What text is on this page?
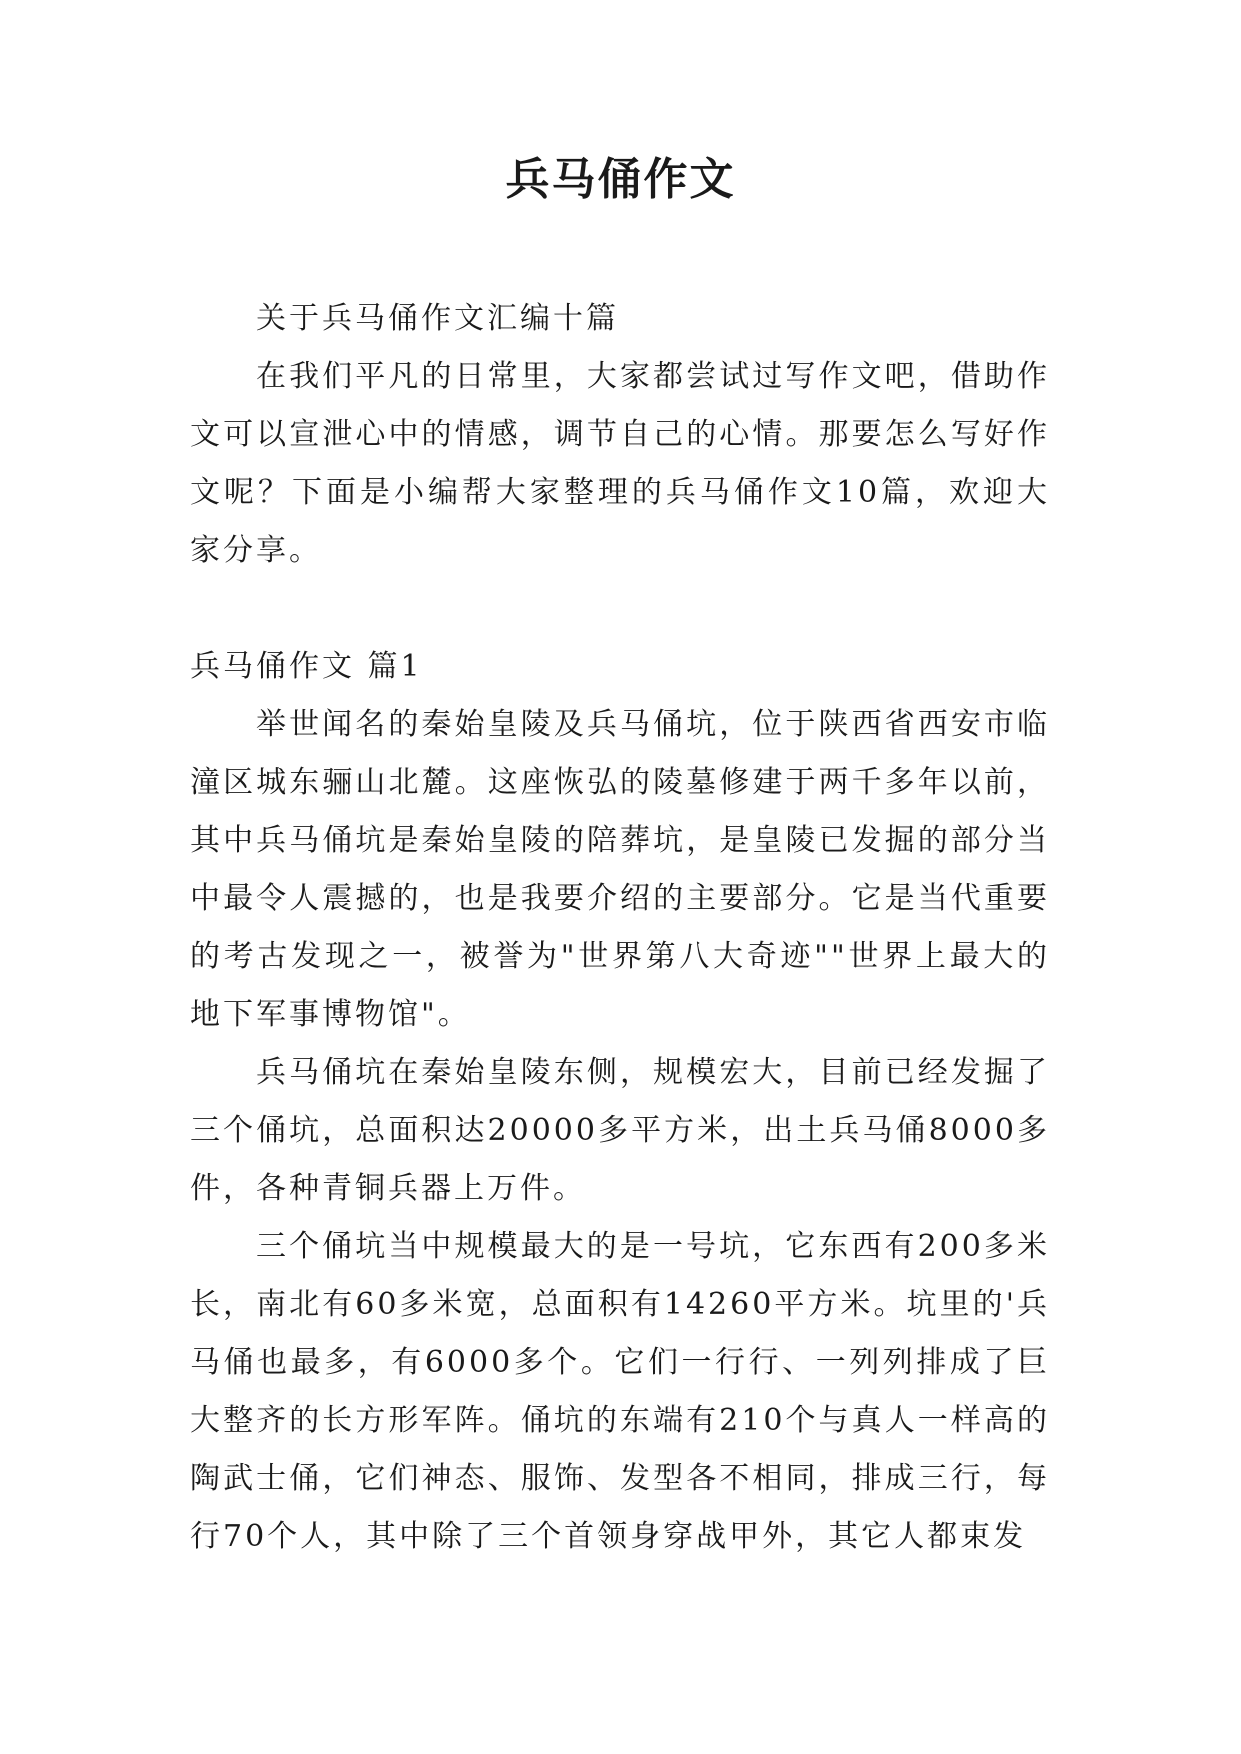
兵马俑作文

关于兵马俑作文汇编十篇

在我们平凡的日常里，大家都尝试过写作文吧，借助作文可以宣泄心中的情感，调节自己的心情。那要怎么写好作文呢？下面是小编帮大家整理的兵马俑作文10篇，欢迎大家分享。

兵马俑作文 篇1

举世闻名的秦始皇陵及兵马俑坑，位于陕西省西安市临潼区城东骊山北麓。这座恢弘的陵墓修建于两千多年以前，其中兵马俑坑是秦始皇陵的陪葬坑，是皇陵已发掘的部分当中最令人震撼的，也是我要介绍的主要部分。它是当代重要的考古发现之一，被誉为"世界第八大奇迹""世界上最大的地下军事博物馆"。

兵马俑坑在秦始皇陵东侧，规模宏大，目前已经发掘了三个俑坑，总面积达20000多平方米，出土兵马俑8000多件，各种青铜兵器上万件。

三个俑坑当中规模最大的是一号坑，它东西有200多米长，南北有60多米宽，总面积有14260平方米。坑里的'兵马俑也最多，有6000多个。它们一行行、一列列排成了巨大整齐的长方形军阵。俑坑的东端有210个与真人一样高的陶武士俑，它们神态、服饰、发型各不相同，排成三行，每行70个人，其中除了三个首领身穿战甲外，其它人都束发
